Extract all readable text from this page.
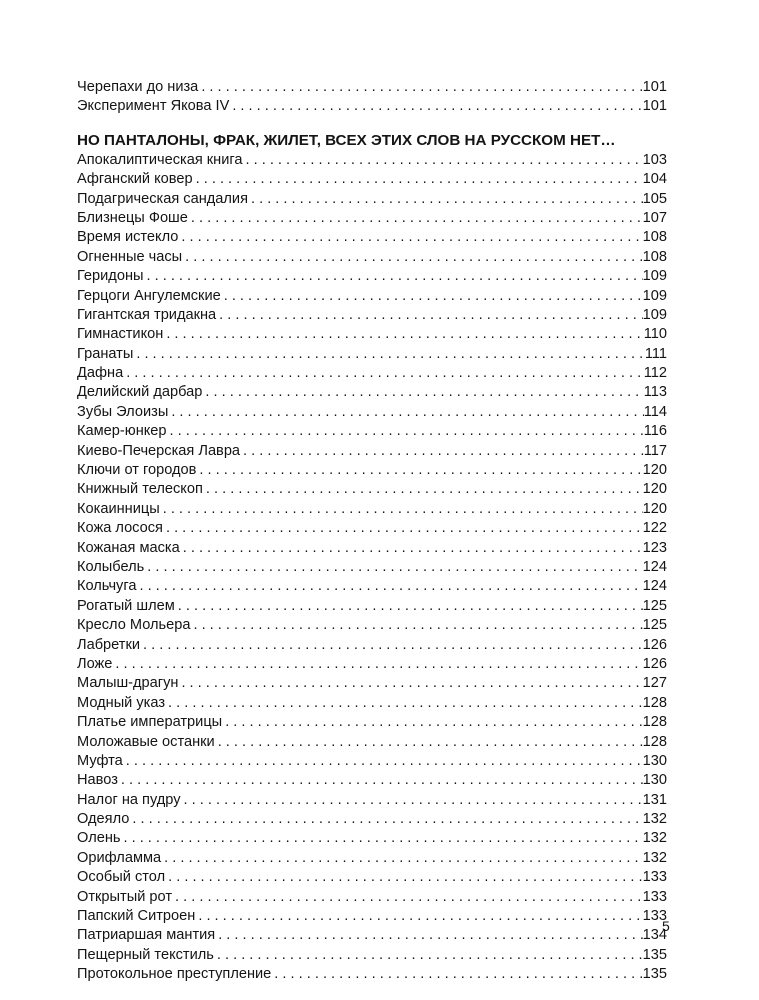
Черепахи до низа . . .	101
Эксперимент Якова IV . . .	101
НО ПАНТАЛОНЫ, ФРАК, ЖИЛЕТ, ВСЕХ ЭТИХ СЛОВ НА РУССКОМ НЕТ…
Апокалиптическая книга . . .	103
Афганский ковер . . .	104
Подагрическая сандалия . . .	105
Близнецы Фоше . . .	107
Время истекло . . .	108
Огненные часы . . .	108
Геридоны . . .	109
Герцоги Ангулемские . . .	109
Гигантская тридакна . . .	109
Гимнастикон . . .	110
Гранаты . . .	111
Дафна . . .	112
Делийский дарбар . . .	113
Зубы Элоизы . . .	114
Камер-юнкер . . .	116
Киево-Печерская Лавра . . .	117
Ключи от городов . . .	120
Книжный телескоп . . .	120
Кокаинницы . . .	120
Кожа лосося . . .	122
Кожаная маска . . .	123
Колыбель . . .	124
Кольчуга . . .	124
Рогатый шлем . . .	125
Кресло Мольера . . .	125
Лабретки . . .	126
Ложе . . .	126
Малыш-драгун . . .	127
Модный указ . . .	128
Платье императрицы . . .	128
Моложавые останки . . .	128
Муфта . . .	130
Навоз . . .	130
Налог на пудру . . .	131
Одеяло . . .	132
Олень . . .	132
Орифламма . . .	132
Особый стол . . .	133
Открытый рот . . .	133
Папский Ситроен . . .	133
Патриаршая мантия . . .	134
Пещерный текстиль . . .	135
Протокольное преступление . . .	135
5
